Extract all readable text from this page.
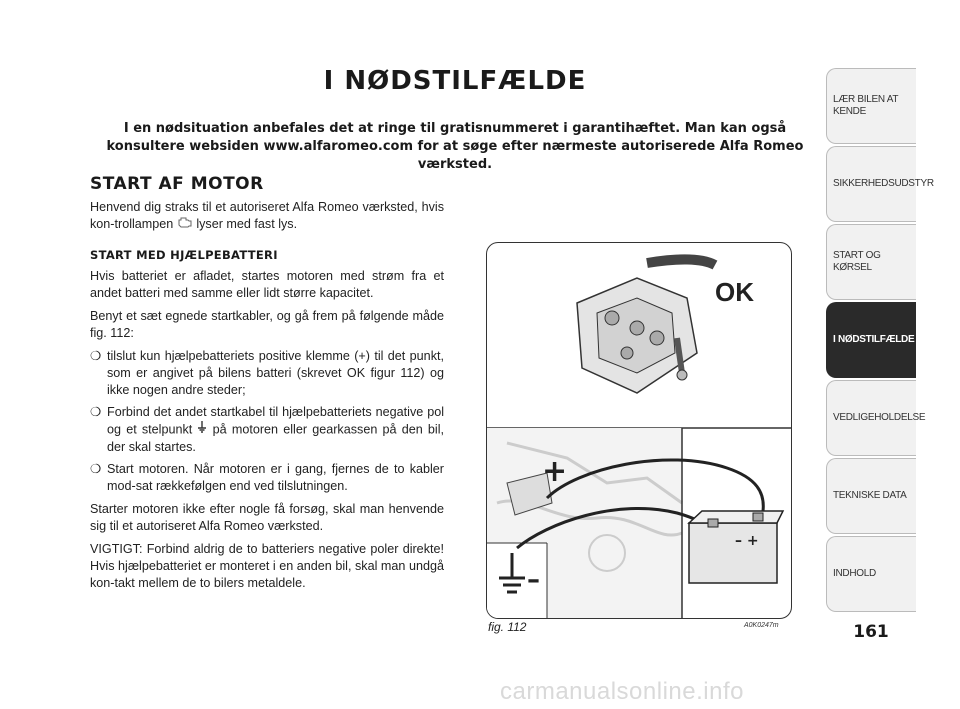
I NØDSTILFÆLDE
I en nødsituation anbefales det at ringe til gratisnummeret i garantihæftet. Man kan også konsultere websiden www.alfaromeo.com for at søge efter nærmeste autoriserede Alfa Romeo værksted.
START AF MOTOR

Henvend dig straks til et autoriseret Alfa Romeo værksted, hvis kon-trollampen lyser med fast lys.

START MED HJÆLPEBATTERI

Hvis batteriet er afladet, startes motoren med strøm fra et andet batteri med samme eller lidt større kapacitet.

Benyt et sæt egnede startkabler, og gå frem på følgende måde fig. 112:

❍ tilslut kun hjælpebatteriets positive klemme (+) til det punkt, som er angivet på bilens batteri (skrevet OK figur 112) og ikke nogen andre steder;
❍ Forbind det andet startkabel til hjælpebatteriets negative pol og et stelpunkt på motoren eller gearkassen på den bil, der skal startes.
❍ Start motoren. Når motoren er i gang, fjernes de to kabler mod-sat rækkefølgen end ved tilslutningen.

Starter motoren ikke efter nogle få forsøg, skal man henvende sig til et autoriseret Alfa Romeo værksted.

VIGTIGT: Forbind aldrig de to batteriers negative poler direkte! Hvis hjælpebatteriet er monteret i en anden bil, skal man undgå kon-takt mellem de to bilers metaldele.

OK
+
–
– +
fig. 112	A0K0247m
LÆR BILEN AT KENDE
SIKKERHEDSUDSTYR
START OG KØRSEL
I NØDSTILFÆLDE
VEDLIGEHOLDELSE
TEKNISKE DATA
INDHOLD
161
carmanualsonline.info
